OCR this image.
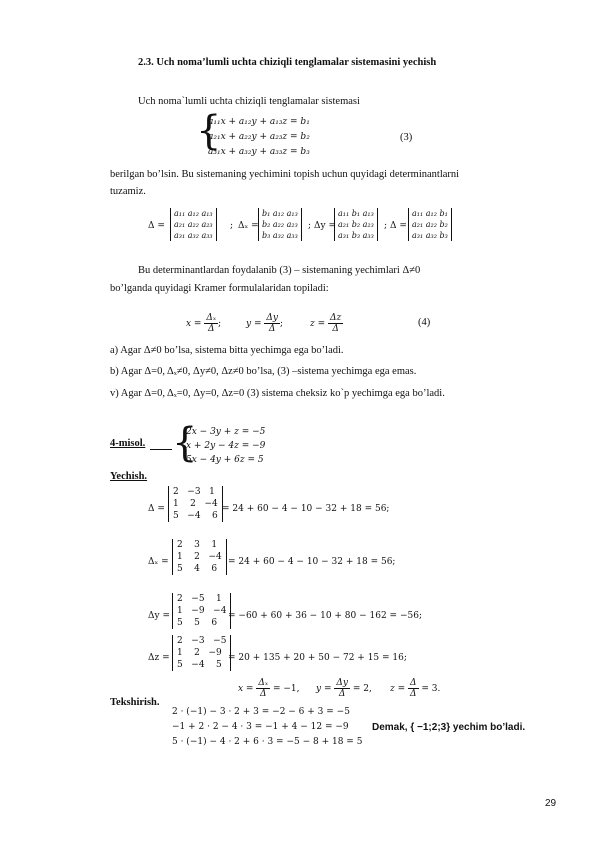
2.3. Uch noma’lumli uchta chiziqli tenglamalar sistemasini yechish
Uch noma`lumli uchta chiziqli tenglamalar sistemasi
{
a₁₁x + a₁₂y + a₁₃z = b₁
a₂₁x + a₂₂y + a₂₃z = b₂
a₃₁x + a₃₂y + a₃₃z = b₃
(3)
berilgan bo’lsin. Bu sistemaning yechimini topish uchun quyidagi determinantlarni
tuzamiz.
Δ =
a₁₁ a₁₂ a₁₃
a₂₁ a₂₂ a₂₃
a₃₁ a₃₂ a₃₃
; Δₓ =
b₁ a₁₂ a₁₃
b₂ a₂₂ a₂₃
b₃ a₃₂ a₃₃
; Δy =
a₁₁ b₁ a₁₃
a₂₁ b₂ a₂₃
a₃₁ b₃ a₃₃
; Δ =
a₁₁ a₁₂ b₁
a₂₁ a₂₂ b₂
a₃₁ a₃₂ b₃
Bu determinantlardan foydalanib (3) – sistemaning yechimlari Δ≠0
bo’lganda quyidagi Kramer formulalaridan topiladi:
$x = \frac{\text{Δₓ}}{\Delta}$ ;	$y = \frac{\Delta y}{\Delta}$ ;	$z = \frac{\Delta z}{\Delta}$	(4)
a) Agar Δ≠0 bo’lsa, sistema bitta yechimga ega bo’ladi.
b) Agar Δ=0, Δₓ≠0, Δy≠0, Δz≠0 bo’lsa, (3) –sistema yechimga ega emas.
v) Agar Δ=0, Δₓ=0, Δy=0, Δz=0 (3) sistema cheksiz ko`p yechimga ega bo’ladi.
4-misol. {
2x − 3y + z = −5
x + 2y − 4z = −9
5x − 4y + 6z = 5
Yechish.
Δ =
2   −3   1
1    2   −4
5   −4    6
= 24 + 60 − 4 − 10 − 32 + 18 = 56;
Δₓ =
2    3    1
1    2   −4
5    4    6
= 24 + 60 − 4 − 10 − 32 + 18 = 56;
Δy =
2   −5    1
1   −9   −4
5    5    6
= −60 + 60 + 36 − 10 + 80 − 162 = −56;
Δz =
2   −3   −5
1    2   −9
5   −4    5
= 20 + 135 + 20 + 50 − 72 + 15 = 16;
$x = \frac{\text{Δₓ}}{\Delta} = -1$, $y = \frac{\Delta y}{\Delta} = 2$, $z = \frac{\Delta}{\Delta} = 3$.
Tekshirish.
2 · (−1) − 3 · 2 + 3 = −2 − 6 + 3 = −5
−1 + 2 · 2 − 4 · 3 = −1 + 4 − 12 = −9
5 · (−1) − 4 · 2 + 6 · 3 = −5 − 8 + 18 = 5
Demak, { −1;2;3} yechim bo’ladi.
29
